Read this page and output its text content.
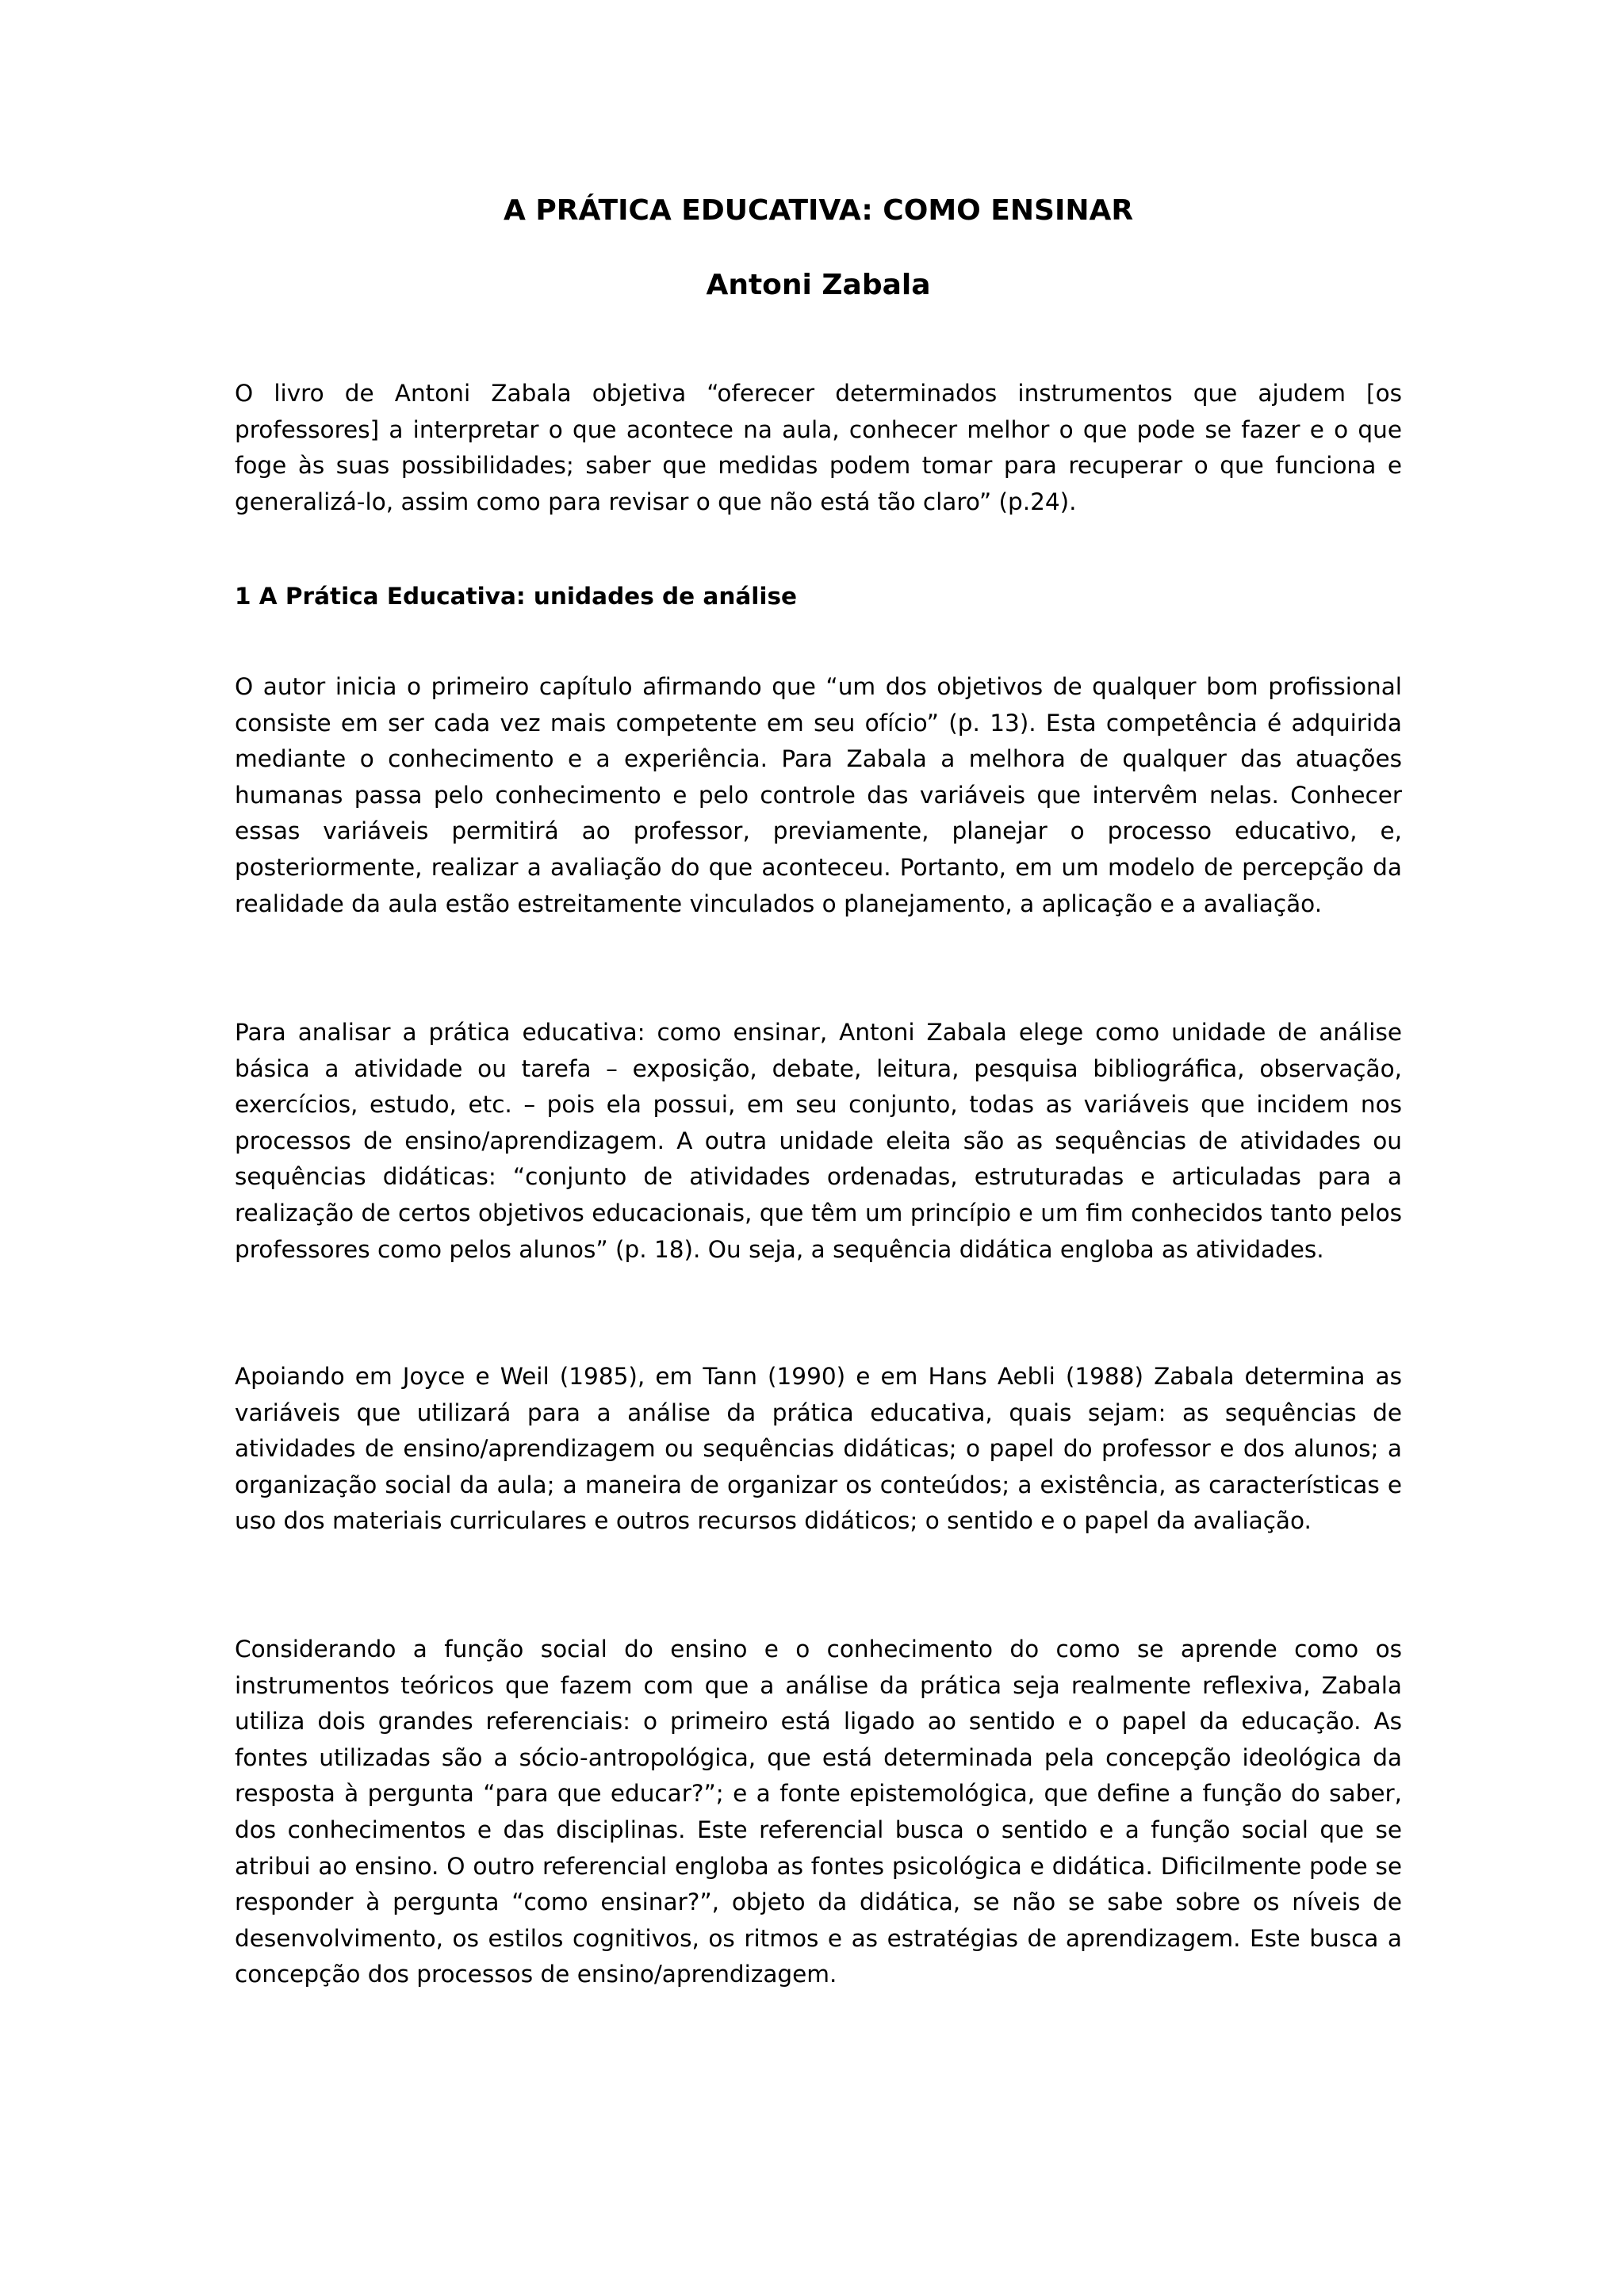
A PRÁTICA EDUCATIVA: COMO ENSINAR
Antoni Zabala

O livro de Antoni Zabala objetiva “oferecer determinados instrumentos que ajudem [os professores] a interpretar o que acontece na aula, conhecer melhor o que pode se fazer e o que foge às suas possibilidades; saber que medidas podem tomar para recuperar o que funciona e generalizá-lo, assim como para revisar o que não está tão claro” (p.24).

1 A Prática Educativa: unidades de análise

O autor inicia o primeiro capítulo afirmando que “um dos objetivos de qualquer bom profissional consiste em ser cada vez mais competente em seu ofício” (p. 13). Esta competência é adquirida mediante o conhecimento e a experiência. Para Zabala a melhora de qualquer das atuações humanas passa pelo conhecimento e pelo controle das variáveis que intervêm nelas. Conhecer essas variáveis permitirá ao professor, previamente, planejar o processo educativo, e, posteriormente, realizar a avaliação do que aconteceu. Portanto, em um modelo de percepção da realidade da aula estão estreitamente vinculados o planejamento, a aplicação e a avaliação.

Para analisar a prática educativa: como ensinar, Antoni Zabala elege como unidade de análise básica a atividade ou tarefa – exposição, debate, leitura, pesquisa bibliográfica, observação, exercícios, estudo, etc. – pois ela possui, em seu conjunto, todas as variáveis que incidem nos processos de ensino/aprendizagem. A outra unidade eleita são as sequências de atividades ou sequências didáticas: “conjunto de atividades ordenadas, estruturadas e articuladas para a realização de certos objetivos educacionais, que têm um princípio e um fim conhecidos tanto pelos professores como pelos alunos” (p. 18). Ou seja, a sequência didática engloba as atividades.

Apoiando em Joyce e Weil (1985), em Tann (1990) e em Hans Aebli (1988) Zabala determina as variáveis que utilizará para a análise da prática educativa, quais sejam: as sequências de atividades de ensino/aprendizagem ou sequências didáticas; o papel do professor e dos alunos; a organização social da aula; a maneira de organizar os conteúdos; a existência, as características e uso dos materiais curriculares e outros recursos didáticos; o sentido e o papel da avaliação.

Considerando a função social do ensino e o conhecimento do como se aprende como os instrumentos teóricos que fazem com que a análise da prática seja realmente reflexiva, Zabala utiliza dois grandes referenciais: o primeiro está ligado ao sentido e o papel da educação. As fontes utilizadas são a sócio-antropológica, que está determinada pela concepção ideológica da resposta à pergunta “para que educar?”; e a fonte epistemológica, que define a função do saber, dos conhecimentos e das disciplinas. Este referencial busca o sentido e a função social que se atribui ao ensino. O outro referencial engloba as fontes psicológica e didática. Dificilmente pode se responder à pergunta “como ensinar?”, objeto da didática, se não se sabe sobre os níveis de desenvolvimento, os estilos cognitivos, os ritmos e as estratégias de aprendizagem. Este busca a concepção dos processos de ensino/aprendizagem.
